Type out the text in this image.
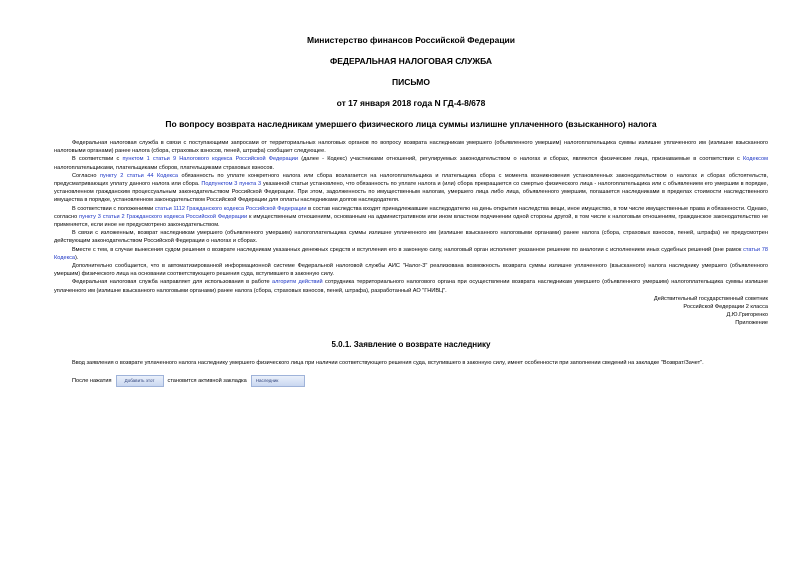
Министерство финансов Российской Федерации
ФЕДЕРАЛЬНАЯ НАЛОГОВАЯ СЛУЖБА
ПИСЬМО
от 17 января 2018 года N ГД-4-8/678
По вопросу возврата наследникам умершего физического лица суммы излишне уплаченного (взысканного) налога

Федеральная налоговая служба в связи с поступающими запросами от территориальных налоговых органов по вопросу возврата наследникам умершего (объявленного умершим) налогоплательщика суммы излишне уплаченного им (излишне взысканного налоговыми органами) ранее налога (сбора, страховых взносов, пеней, штрафа) сообщает следующее.

В соответствии с пунктом 1 статьи 9 Налогового кодекса Российской Федерации (далее - Кодекс) участниками отношений, регулируемых законодательством о налогах и сборах, являются физические лица, признаваемые в соответствии с Кодексом налогоплательщиками, плательщиками сборов, плательщиками страховых взносов.

Согласно пункту 2 статьи 44 Кодекса обязанность по уплате конкретного налога или сбора возлагается на налогоплательщика и плательщика сбора с момента возникновения установленных законодательством о налогах и сборах обстоятельств, предусматривающих уплату данного налога или сбора. Подпунктом 3 пункта 3 указанной статьи установлено, что обязанность по уплате налога и (или) сбора прекращается со смертью физического лица - налогоплательщика или с объявлением его умершим в порядке, установленном гражданским процессуальным законодательством Российской Федерации. При этом, задолженность по имущественным налогам, умершего лица либо лица, объявленного умершим, погашается наследниками в пределах стоимости наследственного имущества в порядке, установленном законодательством Российской Федерации для оплаты наследниками долгов наследодателя.

В соответствии с положениями статьи 1112 Гражданского кодекса Российской Федерации в состав наследства входят принадлежавшие наследодателю на день открытия наследства вещи, иное имущество, в том числе имущественные права и обязанности. Однако, согласно пункту 3 статьи 2 Гражданского кодекса Российской Федерации к имущественным отношениям, основанным на административном или ином властном подчинении одной стороны другой, в том числе к налоговым отношениям, гражданское законодательство не применяется, если иное не предусмотрено законодательством.

В связи с изложенным, возврат наследникам умершего (объявленного умершим) налогоплательщика суммы излишне уплаченного им (излишне взысканного налоговыми органами) ранее налога (сбора, страховых взносов, пеней, штрафа) не предусмотрен действующим законодательством Российской Федерации о налогах и сборах.

Вместе с тем, в случае вынесения судом решения о возврате наследникам указанных денежных средств и вступления его в законную силу, налоговый орган исполняет указанное решение по аналогии с исполнением иных судебных решений (вне рамок статьи 78 Кодекса).

Дополнительно сообщается, что в автоматизированной информационной системе Федеральной налоговой службы АИС "Налог-3" реализована возможность возврата суммы излишне уплаченного (взысканного) налога наследнику умершего (объявленного умершим) физического лица на основании соответствующего решения суда, вступившего в законную силу.

Федеральная налоговая служба направляет для использования в работе алгоритм действий сотрудника территориального налогового органа при осуществлении возврата наследникам умершего (объявленного умершим) налогоплательщика суммы излишне уплаченного им (излишне взысканного налоговыми органами) ранее налога (сбора, страховых взносов, пеней, штрафа), разработанный АО "ГНИВЦ".

Действительный государственный советник
Российской Федерации 2 класса
Д.Ю.Григоренко
Приложение
5.0.1. Заявление о возврате наследнику

Ввод заявления о возврате уплаченного налога наследнику умершего физического лица при наличии соответствующего решения суда, вступившего в законную силу, имеет особенности при заполнении сведений на закладке "Возврат/Зачет".

После нажатия	Добавить этот	становится активной закладка	Наследник
